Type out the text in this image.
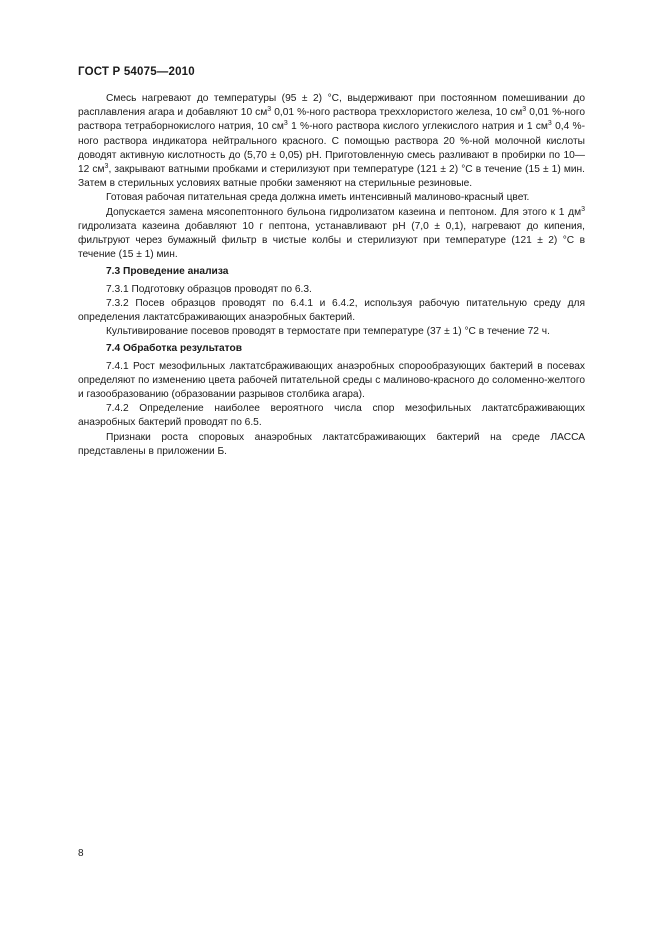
ГОСТ Р 54075—2010

Смесь нагревают до температуры (95 ± 2) °С, выдерживают при постоянном помешивании до расплавления агара и добавляют 10 $см^3$ 0,01 %-ного раствора треххлористого железа, 10 $см^3$ 0,01 %-ного раствора тетраборнокислого натрия, 10 $см^3$ 1 %-ного раствора кислого углекислого натрия и 1 $см^3$ 0,4 %-ного раствора индикатора нейтрального красного. С помощью раствора 20 %-ной молочной кислоты доводят активную кислотность до (5,70 ± 0,05) рН. Приготовленную смесь разливают в пробирки по 10—12 $см^3$, закрывают ватными пробками и стерилизуют при температуре (121 ± 2) °С в течение (15 ± 1) мин. Затем в стерильных условиях ватные пробки заменяют на стерильные резиновые.

Готовая рабочая питательная среда должна иметь интенсивный малиново-красный цвет.

Допускается замена мясопептонного бульона гидролизатом казеина и пептоном. Для этого к 1 $дм^3$ гидролизата казеина добавляют 10 г пептона, устанавливают рН (7,0 ± 0,1), нагревают до кипения, фильтруют через бумажный фильтр в чистые колбы и стерилизуют при температуре (121 ± 2) °С в течение (15 ± 1) мин.

7.3 Проведение анализа

7.3.1 Подготовку образцов проводят по 6.3.

7.3.2 Посев образцов проводят по 6.4.1 и 6.4.2, используя рабочую питательную среду для определения лактатсбраживающих анаэробных бактерий.

Культивирование посевов проводят в термостате при температуре (37 ± 1) °С в течение 72 ч.

7.4 Обработка результатов

7.4.1 Рост мезофильных лактатсбраживающих анаэробных спорообразующих бактерий в посевах определяют по изменению цвета рабочей питательной среды с малиново-красного до соломенно-желтого и газообразованию (образовании разрывов столбика агара).

7.4.2 Определение наиболее вероятного числа спор мезофильных лактатсбраживающих анаэробных бактерий проводят по 6.5.

Признаки роста споровых анаэробных лактатсбраживающих бактерий на среде ЛАССА представлены в приложении Б.

8
